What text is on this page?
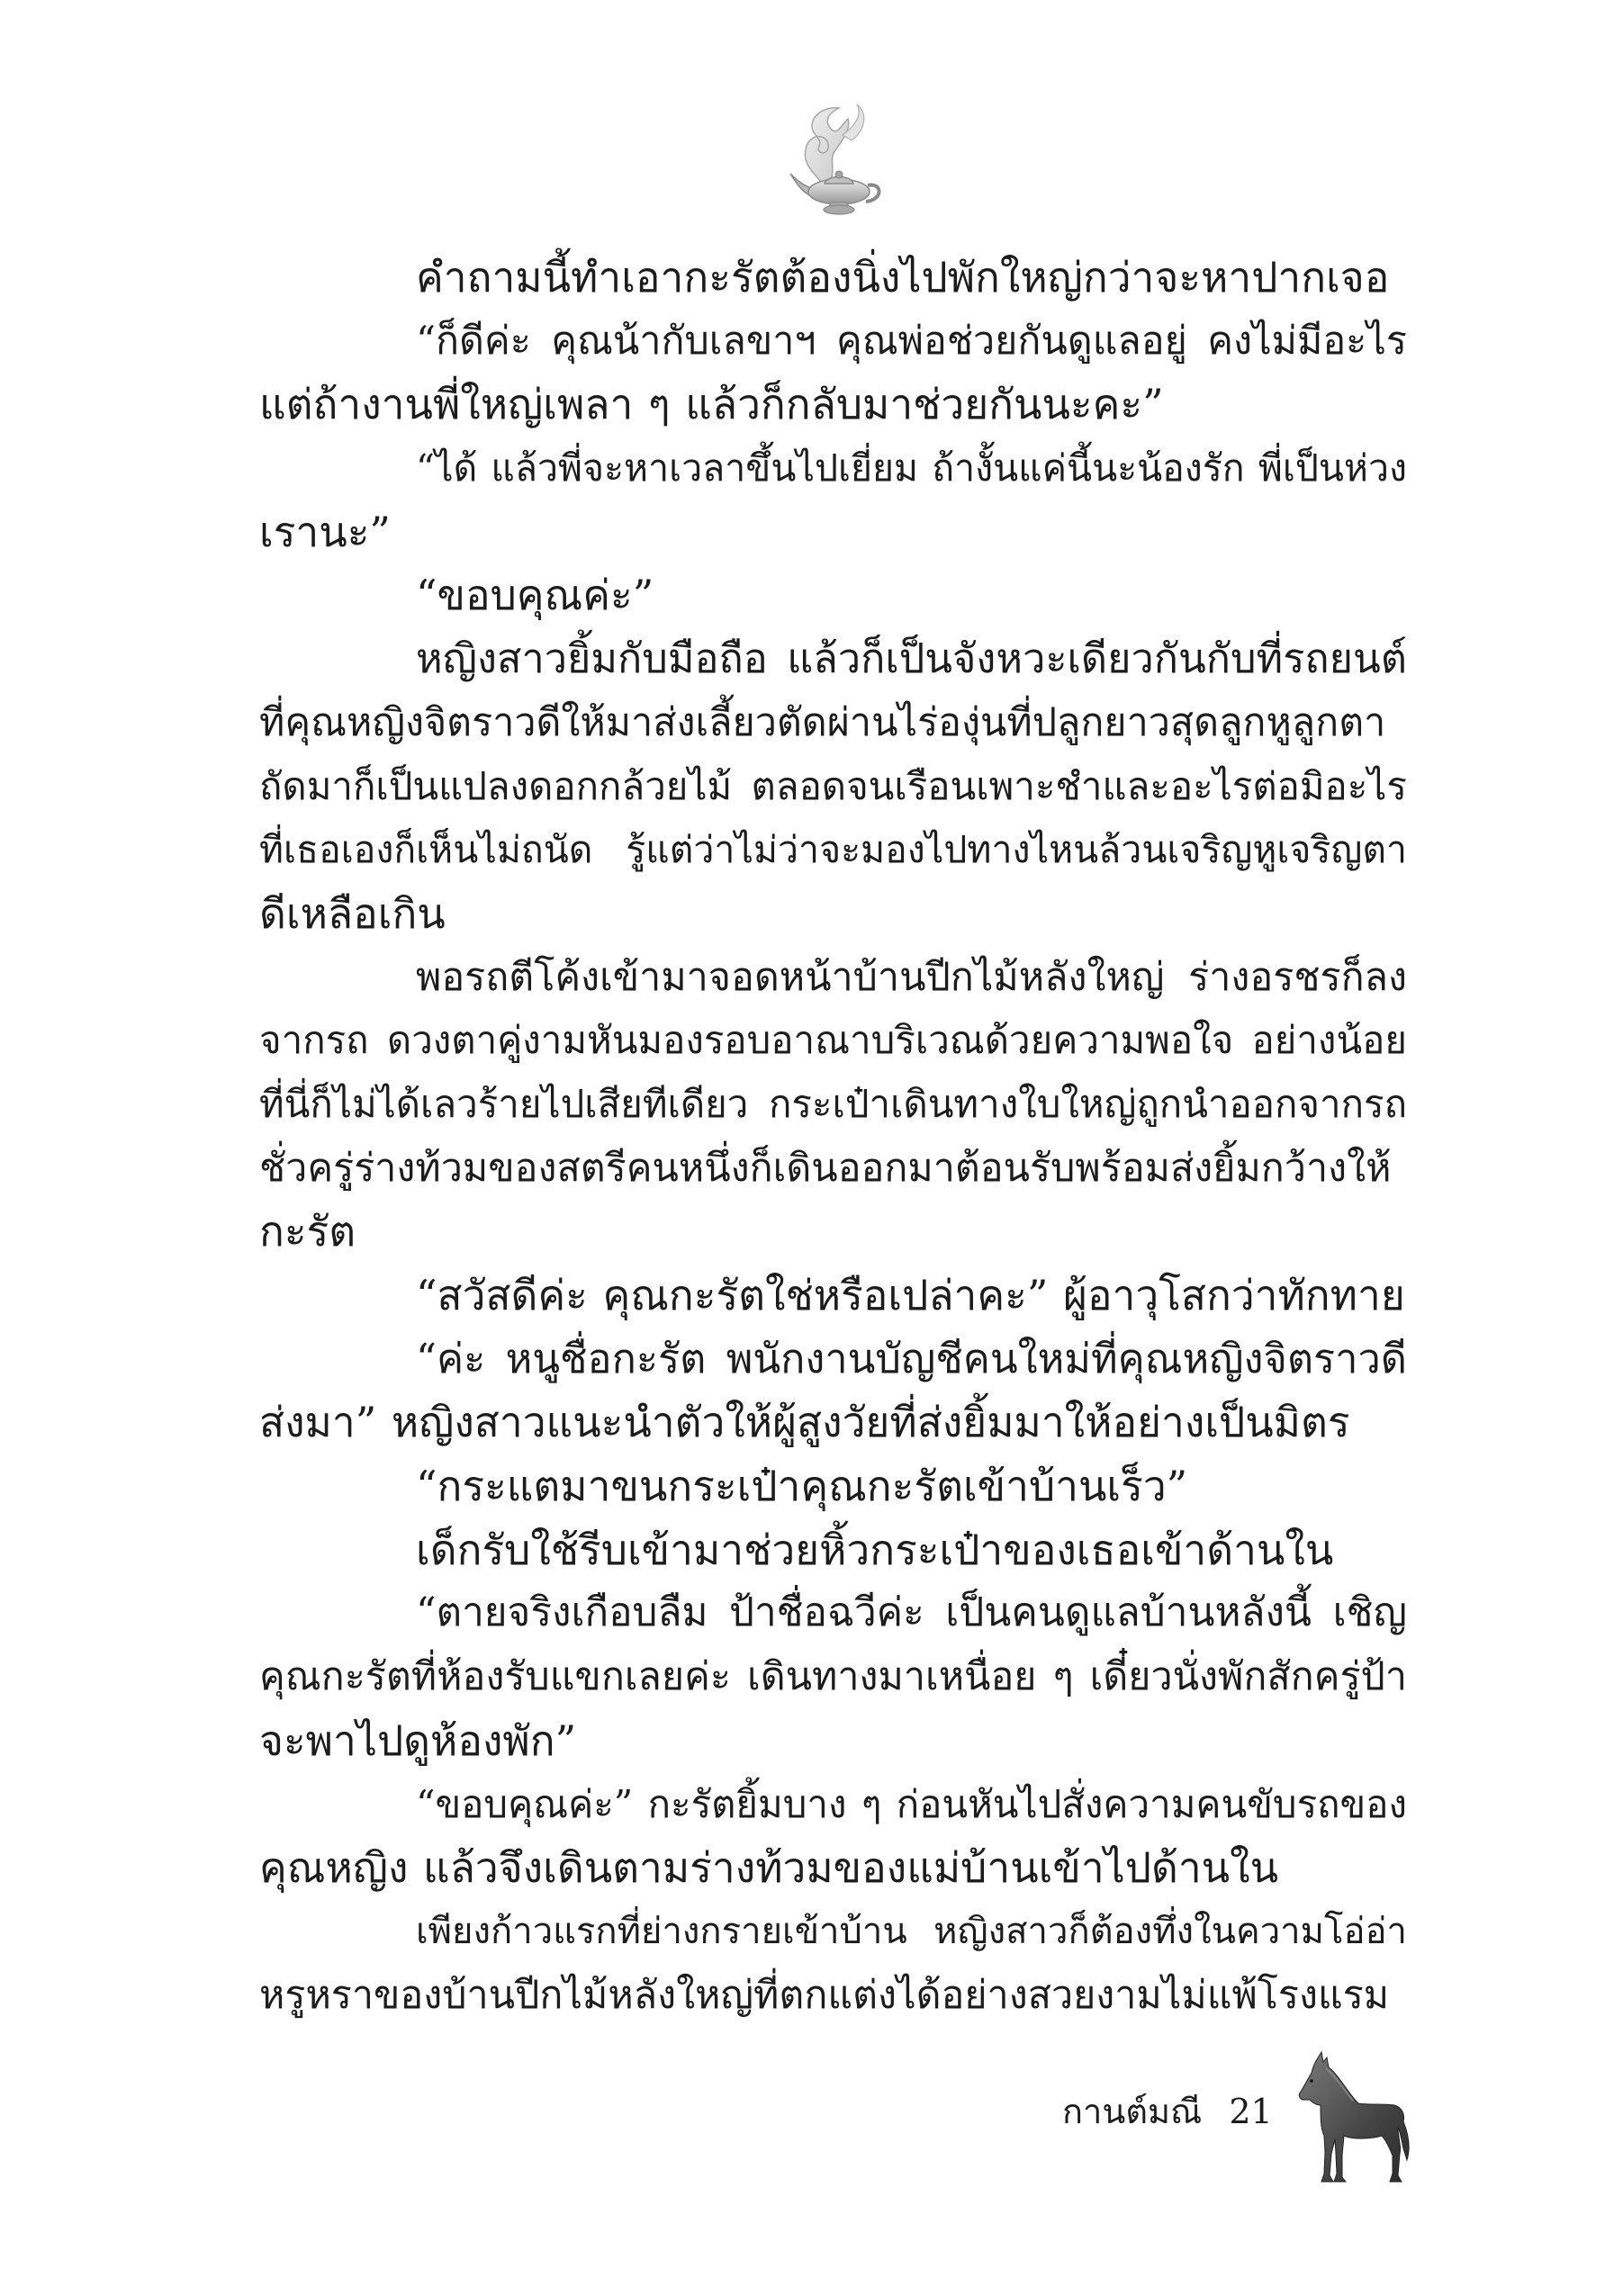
คำถามนี้ทำเอากะรัตต้องนิ่งไปพักใหญ่กว่าจะหาปากเจอ
“ก็ดีค่ะ คุณน้ากับเลขาฯ คุณพ่อช่วยกันดูแลอยู่ คงไม่มีอะไร
แต่ถ้างานพี่ใหญ่เพลา ๆ แล้วก็กลับมาช่วยกันนะคะ”
“ได้ แล้วพี่จะหาเวลาขึ้นไปเยี่ยม ถ้างั้นแค่นี้นะน้องรัก พี่เป็นห่วง
เรานะ”
“ขอบคุณค่ะ”
หญิงสาวยิ้มกับมือถือ แล้วก็เป็นจังหวะเดียวกันกับที่รถยนต์
ที่คุณหญิงจิตราวดีให้มาส่งเลี้ยวตัดผ่านไร่องุ่นที่ปลูกยาวสุดลูกหูลูกตา
ถัดมาก็เป็นแปลงดอกกล้วยไม้ ตลอดจนเรือนเพาะชำและอะไรต่อมิอะไร
ที่เธอเองก็เห็นไม่ถนัด รู้แต่ว่าไม่ว่าจะมองไปทางไหนล้วนเจริญหูเจริญตา
ดีเหลือเกิน
พอรถตีโค้งเข้ามาจอดหน้าบ้านปีกไม้หลังใหญ่ ร่างอรชรก็ลง
จากรถ ดวงตาคู่งามหันมองรอบอาณาบริเวณด้วยความพอใจ อย่างน้อย
ที่นี่ก็ไม่ได้เลวร้ายไปเสียทีเดียว กระเป๋าเดินทางใบใหญ่ถูกนำออกจากรถ
ชั่วครู่ร่างท้วมของสตรีคนหนึ่งก็เดินออกมาต้อนรับพร้อมส่งยิ้มกว้างให้
กะรัต
“สวัสดีค่ะ คุณกะรัตใช่หรือเปล่าคะ” ผู้อาวุโสกว่าทักทาย
“ค่ะ หนูชื่อกะรัต พนักงานบัญชีคนใหม่ที่คุณหญิงจิตราวดี
ส่งมา” หญิงสาวแนะนำตัวให้ผู้สูงวัยที่ส่งยิ้มมาให้อย่างเป็นมิตร
“กระแตมาขนกระเป๋าคุณกะรัตเข้าบ้านเร็ว”
เด็กรับใช้รีบเข้ามาช่วยหิ้วกระเป๋าของเธอเข้าด้านใน
“ตายจริงเกือบลืม ป้าชื่อฉวีค่ะ เป็นคนดูแลบ้านหลังนี้ เชิญ
คุณกะรัตที่ห้องรับแขกเลยค่ะ เดินทางมาเหนื่อย ๆ เดี๋ยวนั่งพักสักครู่ป้า
จะพาไปดูห้องพัก”
“ขอบคุณค่ะ” กะรัตยิ้มบาง ๆ ก่อนหันไปสั่งความคนขับรถของ
คุณหญิง แล้วจึงเดินตามร่างท้วมของแม่บ้านเข้าไปด้านใน
เพียงก้าวแรกที่ย่างกรายเข้าบ้าน หญิงสาวก็ต้องทึ่งในความโอ่อ่า
หรูหราของบ้านปีกไม้หลังใหญ่ที่ตกแต่งได้อย่างสวยงามไม่แพ้โรงแรม
กานต์มณี 21
